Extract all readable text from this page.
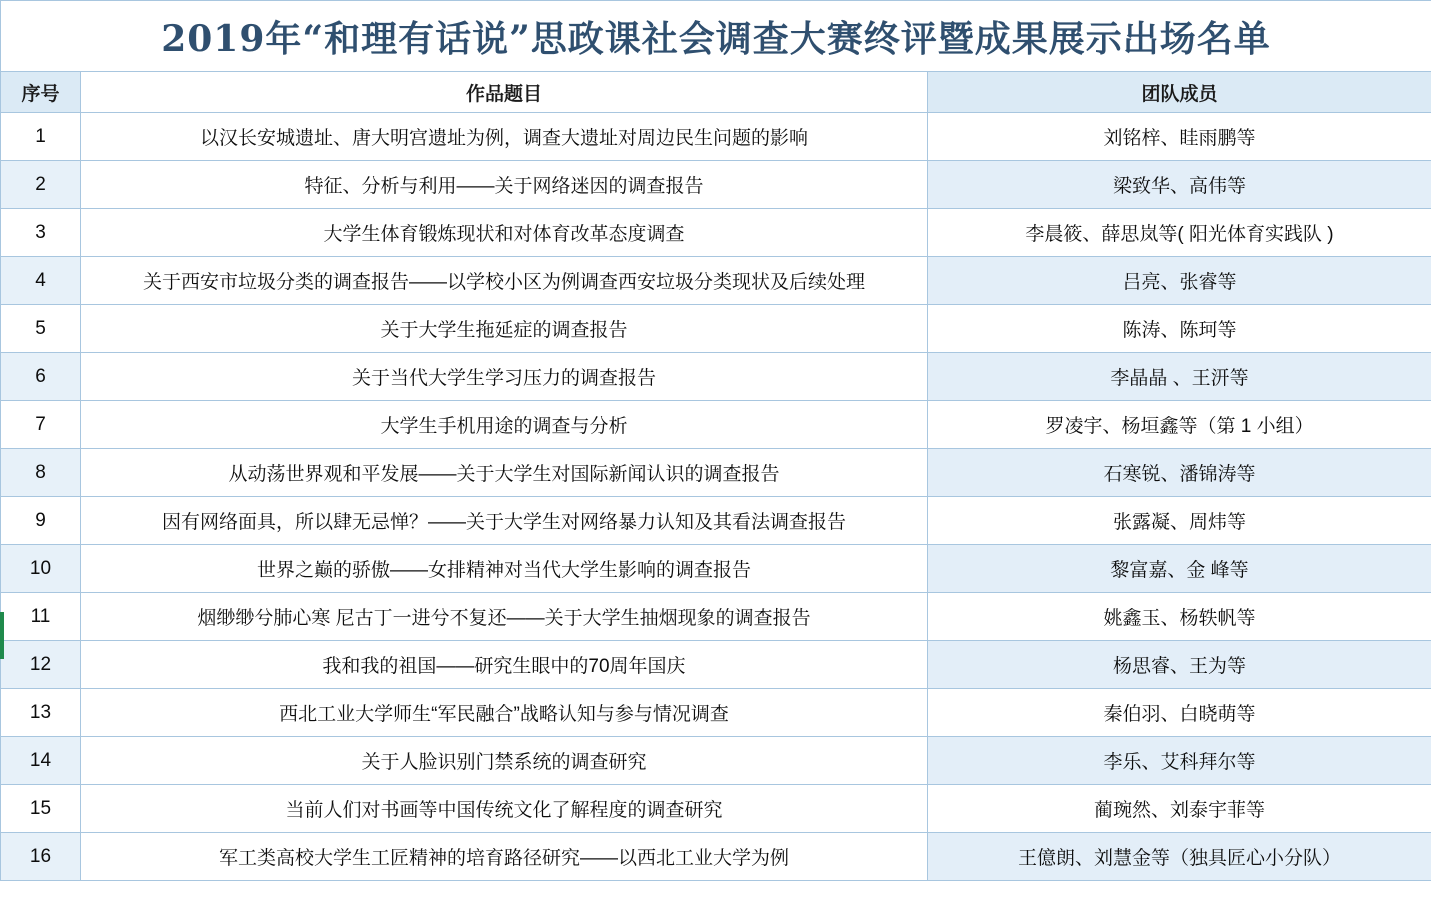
2019年“和理有话说”思政课社会调查大赛终评暨成果展示出场名单		
序号	作品题目	团队成员
1	以汉长安城遗址、唐大明宫遗址为例，调查大遗址对周边民生问题的影响	刘铭梓、眭雨鹏等
2	特征、分析与利用——关于网络迷因的调查报告	梁致华、高伟等
3	大学生体育锻炼现状和对体育改革态度调查	李晨筱、薛思岚等( 阳光体育实践队 )
4	关于西安市垃圾分类的调查报告——以学校小区为例调查西安垃圾分类现状及后续处理	吕亮、张睿等
5	关于大学生拖延症的调查报告	陈涛、陈珂等
6	关于当代大学生学习压力的调查报告	李晶晶 、王汧等
7	大学生手机用途的调查与分析	罗凌宇、杨垣鑫等（第 1 小组）
8	从动荡世界观和平发展——关于大学生对国际新闻认识的调查报告	石寒锐、潘锦涛等
9	因有网络面具，所以肆无忌惮？——关于大学生对网络暴力认知及其看法调查报告	张露凝、周炜等
10	世界之巅的骄傲——女排精神对当代大学生影响的调查报告	黎富嘉、金 峰等
11	烟缈缈兮肺心寒 尼古丁一进兮不复还——关于大学生抽烟现象的调查报告	姚鑫玉、杨轶帆等
12	我和我的祖国——研究生眼中的70周年国庆	杨思睿、王为等
13	西北工业大学师生“军民融合”战略认知与参与情况调查	秦伯羽、白晓萌等
14	关于人脸识别门禁系统的调查研究	李乐、艾科拜尔等
15	当前人们对书画等中国传统文化了解程度的调查研究	蔺琬然、刘泰宇菲等
16	军工类高校大学生工匠精神的培育路径研究——以西北工业大学为例	王億朗、刘慧金等（独具匠心小分队）
